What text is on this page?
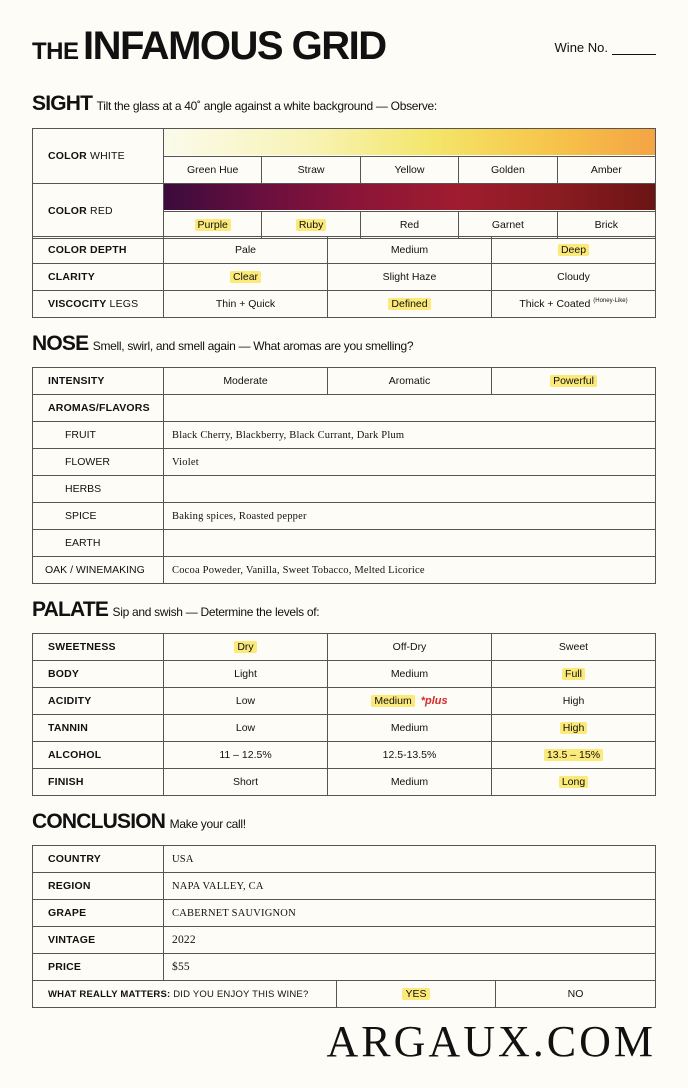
THE INFAMOUS GRID	Wine No.
SIGHT Tilt the glass at a 40˚ angle against a white background — Observe:
COLOR WHITE					

	Green Hue	Straw	Yellow	Golden	Amber
COLOR RED					

	Purple	Ruby	Red	Garnet	Brick
COLOR DEPTH	Pale	Medium	Deep
CLARITY	Clear	Slight Haze	Cloudy
VISCOCITY LEGS	Thin + Quick	Defined	Thick + Coated $^{(Honey-Like)}$
NOSE Smell, swirl, and smell again — What aromas are you smelling?
INTENSITY	Moderate	Aromatic	Powerful
AROMAS/FLAVORS			
FRUIT	Black Cherry, Blackberry, Black Currant, Dark Plum		
FLOWER	Violet		
HERBS			
SPICE	Baking spices, Roasted pepper		
EARTH			
OAK / WINEMAKING	Cocoa Poweder, Vanilla, Sweet Tobacco, Melted Licorice		
PALATE Sip and swish — Determine the levels of:
SWEETNESS	Dry	Off-Dry	Sweet
BODY	Light	Medium	Full
ACIDITY	Low	Medium *plus	High
TANNIN	Low	Medium	High
ALCOHOL	11 – 12.5%	12.5-13.5%	13.5 – 15%
FINISH	Short	Medium	Long
CONCLUSION Make your call!
COUNTRY	USA
REGION	NAPA VALLEY, CA
GRAPE	CABERNET SAUVIGNON
VINTAGE	2022
PRICE	$55
WHAT REALLY MATTERS: DID YOU ENJOY THIS WINE?	YES	NO
ARGAUX.COM
